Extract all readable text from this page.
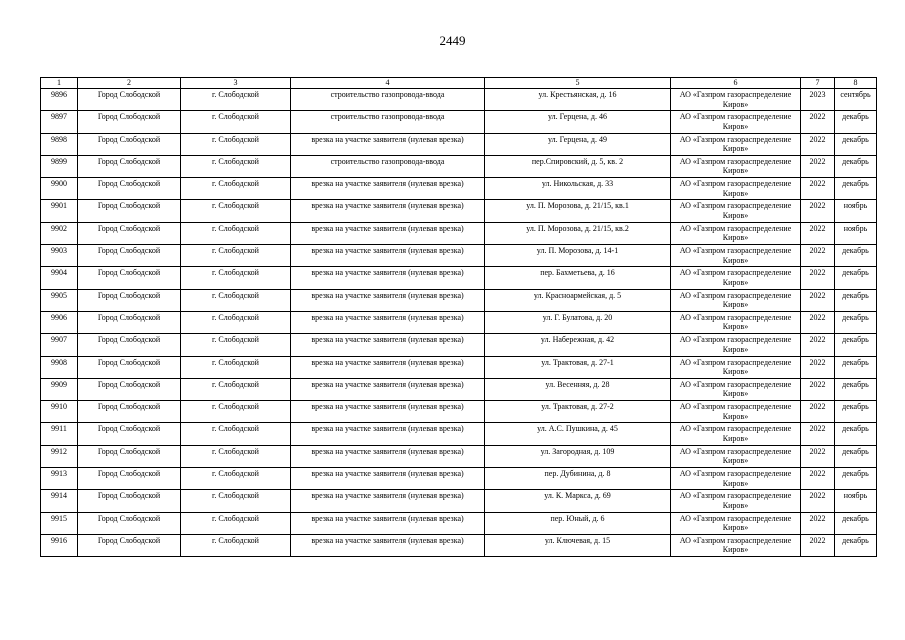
2449
1	2	3	4	5	6	7	8
9896	Город Слободской	г. Слободской	строительство газопровода-ввода	ул. Крестьянская, д. 16	АО «Газпром газораспределение Киров»	2023	сентябрь
9897	Город Слободской	г. Слободской	строительство газопровода-ввода	ул. Герцена, д. 46	АО «Газпром газораспределение Киров»	2022	декабрь
9898	Город Слободской	г. Слободской	врезка на участке заявителя (нулевая врезка)	ул. Герцена, д. 49	АО «Газпром газораспределение Киров»	2022	декабрь
9899	Город Слободской	г. Слободской	строительство газопровода-ввода	пер.Спировский, д. 5, кв. 2	АО «Газпром газораспределение Киров»	2022	декабрь
9900	Город Слободской	г. Слободской	врезка на участке заявителя (нулевая врезка)	ул. Никольская, д. 33	АО «Газпром газораспределение Киров»	2022	декабрь
9901	Город Слободской	г. Слободской	врезка на участке заявителя (нулевая врезка)	ул. П. Морозова, д. 21/15, кв.1	АО «Газпром газораспределение Киров»	2022	ноябрь
9902	Город Слободской	г. Слободской	врезка на участке заявителя (нулевая врезка)	ул. П. Морозова, д. 21/15, кв.2	АО «Газпром газораспределение Киров»	2022	ноябрь
9903	Город Слободской	г. Слободской	врезка на участке заявителя (нулевая врезка)	ул. П. Морозова, д. 14-1	АО «Газпром газораспределение Киров»	2022	декабрь
9904	Город Слободской	г. Слободской	врезка на участке заявителя (нулевая врезка)	пер. Бахметьева, д. 16	АО «Газпром газораспределение Киров»	2022	декабрь
9905	Город Слободской	г. Слободской	врезка на участке заявителя (нулевая врезка)	ул. Красноармейская, д. 5	АО «Газпром газораспределение Киров»	2022	декабрь
9906	Город Слободской	г. Слободской	врезка на участке заявителя (нулевая врезка)	ул. Г. Булатова, д. 20	АО «Газпром газораспределение Киров»	2022	декабрь
9907	Город Слободской	г. Слободской	врезка на участке заявителя (нулевая врезка)	ул. Набережная, д. 42	АО «Газпром газораспределение Киров»	2022	декабрь
9908	Город Слободской	г. Слободской	врезка на участке заявителя (нулевая врезка)	ул. Трактовая, д. 27-1	АО «Газпром газораспределение Киров»	2022	декабрь
9909	Город Слободской	г. Слободской	врезка на участке заявителя (нулевая врезка)	ул. Весенняя, д. 28	АО «Газпром газораспределение Киров»	2022	декабрь
9910	Город Слободской	г. Слободской	врезка на участке заявителя (нулевая врезка)	ул. Трактовая, д. 27-2	АО «Газпром газораспределение Киров»	2022	декабрь
9911	Город Слободской	г. Слободской	врезка на участке заявителя (нулевая врезка)	ул. А.С. Пушкина, д. 45	АО «Газпром газораспределение Киров»	2022	декабрь
9912	Город Слободской	г. Слободской	врезка на участке заявителя (нулевая врезка)	ул. Загородная, д. 109	АО «Газпром газораспределение Киров»	2022	декабрь
9913	Город Слободской	г. Слободской	врезка на участке заявителя (нулевая врезка)	пер. Дубинина, д. 8	АО «Газпром газораспределение Киров»	2022	декабрь
9914	Город Слободской	г. Слободской	врезка на участке заявителя (нулевая врезка)	ул. К. Маркса, д. 69	АО «Газпром газораспределение Киров»	2022	ноябрь
9915	Город Слободской	г. Слободской	врезка на участке заявителя (нулевая врезка)	пер. Юный, д. 6	АО «Газпром газораспределение Киров»	2022	декабрь
9916	Город Слободской	г. Слободской	врезка на участке заявителя (нулевая врезка)	ул. Ключевая, д. 15	АО «Газпром газораспределение Киров»	2022	декабрь
